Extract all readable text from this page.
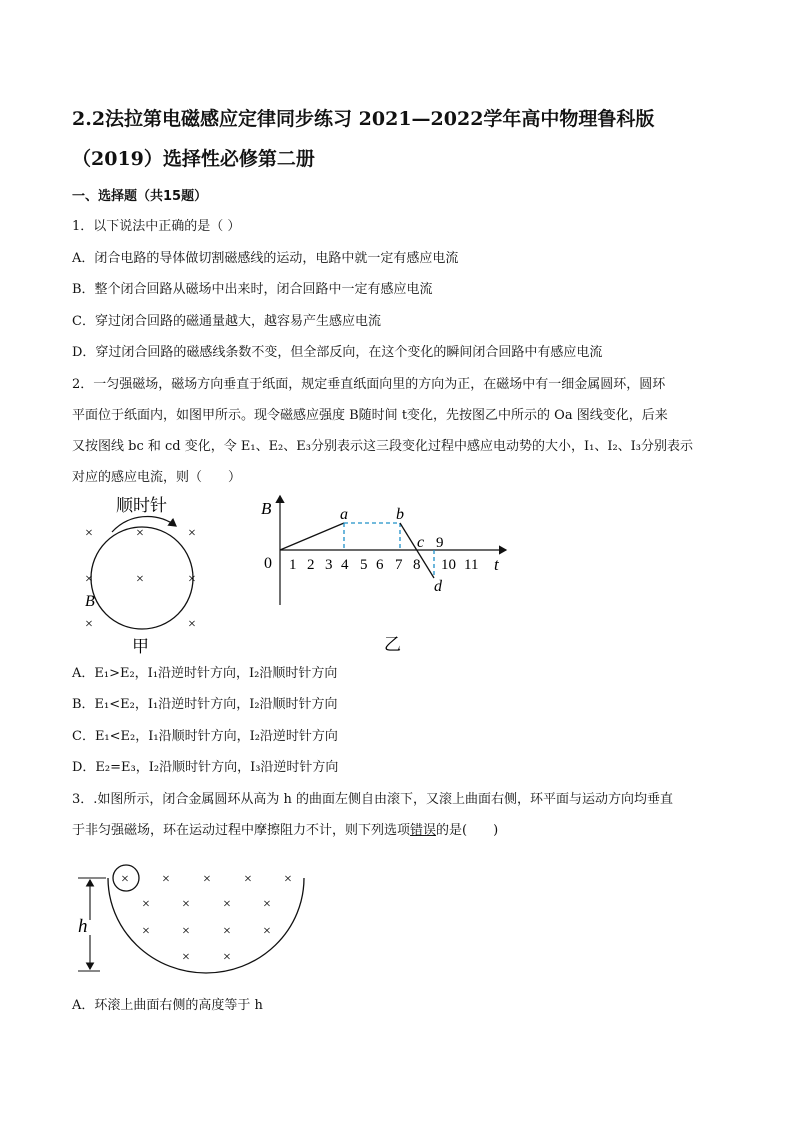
2.2法拉第电磁感应定律同步练习 2021—2022学年高中物理鲁科版
（2019）选择性必修第二册
一、选择题（共15题）
1．以下说法中正确的是（ ）
A．闭合电路的导体做切割磁感线的运动，电路中就一定有感应电流
B．整个闭合回路从磁场中出来时，闭合回路中一定有感应电流
C．穿过闭合回路的磁通量越大，越容易产生感应电流
D．穿过闭合回路的磁感线条数不变，但全部反向，在这个变化的瞬间闭合回路中有感应电流
2．一匀强磁场，磁场方向垂直于纸面，规定垂直纸面向里的方向为正，在磁场中有一细金属圆环，圆环
平面位于纸面内，如图甲所示。现令磁感应强度 B随时间 t变化，先按图乙中所示的 Oa 图线变化，后来
又按图线 bc 和 cd 变化，令 E₁、E₂、E₃分别表示这三段变化过程中感应电动势的大小，I₁、I₂、I₃分别表示
对应的感应电流，则（　　）
顺时针
×	×	×
×	×	×
×	×
B
甲
B
t
0
a	b
c
d
9
1 2 3 4 5 6 7 8 10 11
乙
A．E₁>E₂，I₁沿逆时针方向，I₂沿顺时针方向
B．E₁<E₂，I₁沿逆时针方向，I₂沿顺时针方向
C．E₁<E₂，I₁沿顺时针方向，I₂沿逆时针方向
D．E₂=E₃，I₂沿顺时针方向，I₃沿逆时针方向
3．.如图所示，闭合金属圆环从高为 h 的曲面左侧自由滚下，又滚上曲面右侧，环平面与运动方向均垂直
于非匀强磁场，环在运动过程中摩擦阻力不计，则下列选项错误的是(　　)
h
× × × × ×
× × × ×
× × × ×
× ×
A．环滚上曲面右侧的高度等于 h
